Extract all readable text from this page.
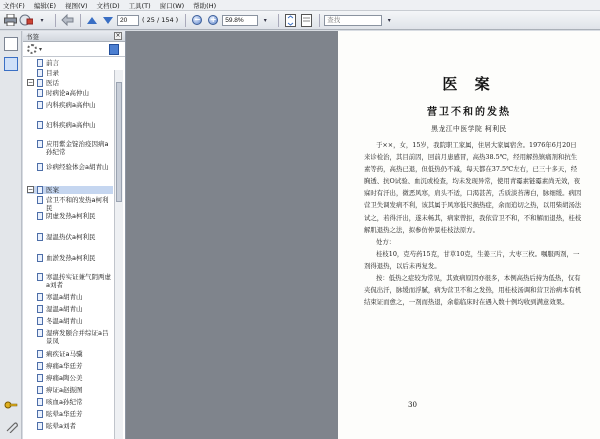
文件(F) 编辑(E) 视图(V) 文档(D) 工具(T) 窗口(W) 帮助(H)
▾
20	( 25 / 154 ) − +
59.8%	▾
查找	▾
书签	×
▾
前言
目录
− 医话
时病论a高仲山
内科疾病a高仲山
妇科疾病a高仲山
应用紫金锭治疫因病a孙纪常
诊病经验体会a胡青山
− 医案
营卫不和的发热a柯利民
阴虚发热a柯利民
湿温热伏a柯利民
血淤发热a柯利民
寒温抟实证兼气阴两虚a刘者
寒温a胡青山
湿温a胡青山
冬温a胡青山
湿痹发颐合并综证a吕景凤
痢疾证a马骥
痹痛a华廷芳
痹痛a陶公美
痹证a赵振图
咳血a孙纪常
眩晕a华廷芳
眩晕a刘者
医 案
营卫不和的发热
黑龙江中医学院 柯利民

于××，女，15岁，我院职工家属，住居大家属宿舍。1976年6月20日来诊检治，其目前因，回前月患感冒，高热38.5℃，经用解热镇痛剂和抗生素等药，高热已退，但低热仍不减，每天都在37.5℃左右，已三十多天，经胸透、抗O试验、血沉或检查，均未发现异常，使用青霉素链霉素尚无效，夜寐时有汗出，微恶风寒，肩头不适，口渴甚苦，舌质淡苔薄白，脉细缓。病因营卫失调发病不利，该其属于风寒低尺损热症，余而追切之热，以用柴胡汤法试之，若得汗出，遂未畅其，病家曾拒，我依营卫不和，不和解而退热，桂枝解肌退热之法，拟参仿仲景桂枝法原方。

处方：

桂枝10，克芍药15克，甘草10克，生姜三片，大枣三枚。嘱服两剂，一剂得退热，以后未再复发。

按：低热之症较为常见，其致病原因亦很多，本例高热后持为低热，仅有夹侃出汗，脉缓而浮腻，病为营卫不和之发热，用桂枝汤调和营卫治病本有机结束证而愈之，一剂而热退，余临临床时在遇入数十例均收到满意效果。

30
